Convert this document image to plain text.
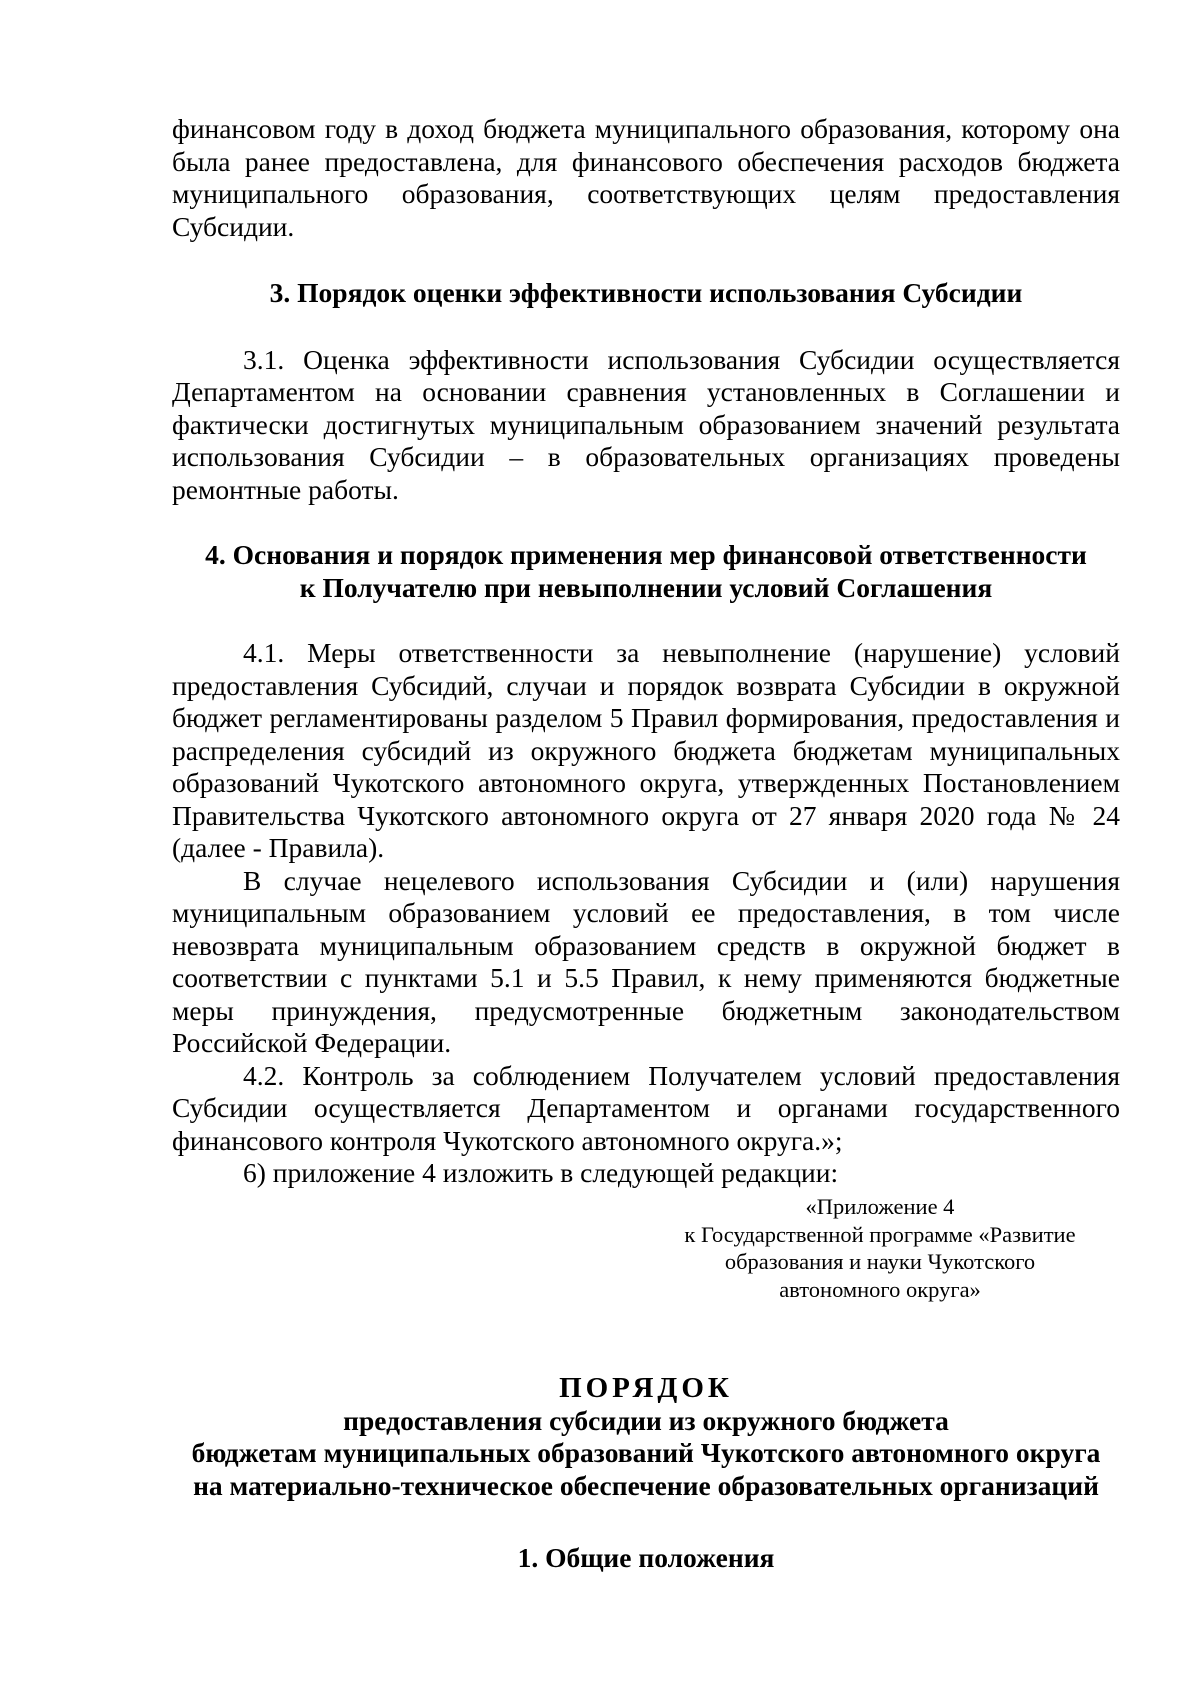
финансовом году в доход бюджета муниципального образования, которому она была ранее предоставлена, для финансового обеспечения расходов бюджета муниципального образования, соответствующих целям предоставления Субсидии.

3. Порядок оценки эффективности использования Субсидии

3.1. Оценка эффективности использования Субсидии осуществляется Департаментом на основании сравнения установленных в Соглашении и фактически достигнутых муниципальным образованием значений результата использования Субсидии – в образовательных организациях проведены ремонтные работы.

4. Основания и порядок применения мер финансовой ответственности

к Получателю при невыполнении условий Соглашения

4.1. Меры ответственности за невыполнение (нарушение) условий предоставления Субсидий, случаи и порядок возврата Субсидии в окружной бюджет регламентированы разделом 5 Правил формирования, предоставления и распределения субсидий из окружного бюджета бюджетам муниципальных образований Чукотского автономного округа, утвержденных Постановлением Правительства Чукотского автономного округа от 27 января 2020 года № 24 (далее - Правила).

В случае нецелевого использования Субсидии и (или) нарушения муниципальным образованием условий ее предоставления, в том числе невозврата муниципальным образованием средств в окружной бюджет в соответствии с пунктами 5.1 и 5.5 Правил, к нему применяются бюджетные меры принуждения, предусмотренные бюджетным законодательством Российской Федерации.

4.2. Контроль за соблюдением Получателем условий предоставления Субсидии осуществляется Департаментом и органами государственного финансового контроля Чукотского автономного округа.»;

6) приложение 4 изложить в следующей редакции:

«Приложение 4
к Государственной программе «Развитие
образования и науки Чукотского
автономного округа»
ПОРЯДОК
предоставления субсидии из окружного бюджета
бюджетам муниципальных образований Чукотского автономного округа
на материально-техническое обеспечение образовательных организаций
1. Общие положения
